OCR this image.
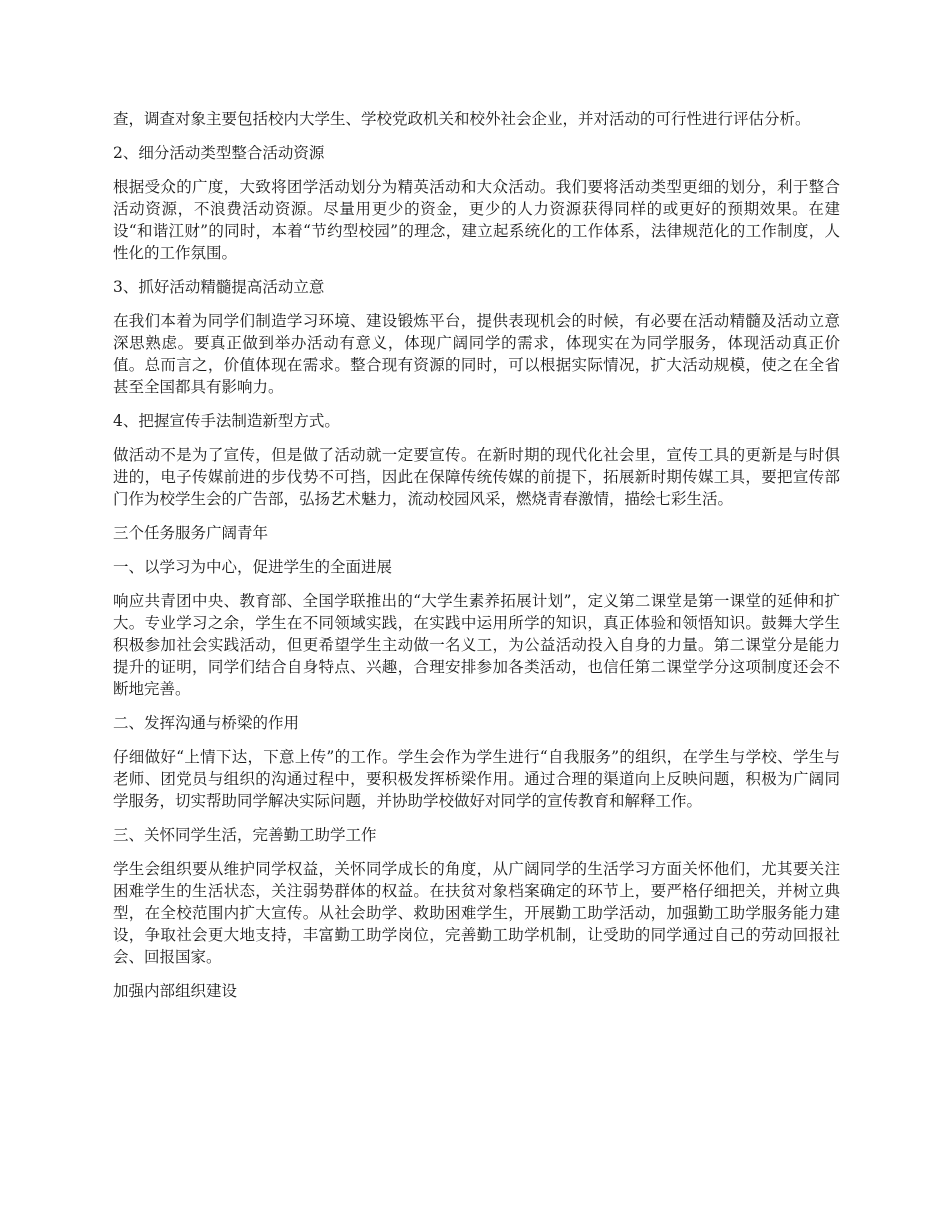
查，调查对象主要包括校内大学生、学校党政机关和校外社会企业，并对活动的可行性进行评估分析。

2、细分活动类型整合活动资源

根据受众的广度，大致将团学活动划分为精英活动和大众活动。我们要将活动类型更细的划分，利于整合活动资源，不浪费活动资源。尽量用更少的资金，更少的人力资源获得同样的或更好的预期效果。在建设“和谐江财”的同时，本着“节约型校园”的理念，建立起系统化的工作体系，法律规范化的工作制度，人性化的工作氛围。

3、抓好活动精髓提高活动立意

在我们本着为同学们制造学习环境、建设锻炼平台，提供表现机会的时候，有必要在活动精髓及活动立意深思熟虑。要真正做到举办活动有意义，体现广阔同学的需求，体现实在为同学服务，体现活动真正价值。总而言之，价值体现在需求。整合现有资源的同时，可以根据实际情况，扩大活动规模，使之在全省甚至全国都具有影响力。

4、把握宣传手法制造新型方式。

做活动不是为了宣传，但是做了活动就一定要宣传。在新时期的现代化社会里，宣传工具的更新是与时俱进的，电子传媒前进的步伐势不可挡，因此在保障传统传媒的前提下，拓展新时期传媒工具，要把宣传部门作为校学生会的广告部，弘扬艺术魅力，流动校园风采，燃烧青春激情，描绘七彩生活。

三个任务服务广阔青年

一、以学习为中心，促进学生的全面进展

响应共青团中央、教育部、全国学联推出的“大学生素养拓展计划”，定义第二课堂是第一课堂的延伸和扩大。专业学习之余，学生在不同领域实践，在实践中运用所学的知识，真正体验和领悟知识。鼓舞大学生积极参加社会实践活动，但更希望学生主动做一名义工，为公益活动投入自身的力量。第二课堂分是能力提升的证明，同学们结合自身特点、兴趣，合理安排参加各类活动，也信任第二课堂学分这项制度还会不断地完善。

二、发挥沟通与桥梁的作用

仔细做好“上情下达，下意上传”的工作。学生会作为学生进行“自我服务”的组织，在学生与学校、学生与老师、团党员与组织的沟通过程中，要积极发挥桥梁作用。通过合理的渠道向上反映问题，积极为广阔同学服务，切实帮助同学解决实际问题，并协助学校做好对同学的宣传教育和解释工作。

三、关怀同学生活，完善勤工助学工作

学生会组织要从维护同学权益，关怀同学成长的角度，从广阔同学的生活学习方面关怀他们，尤其要关注困难学生的生活状态，关注弱势群体的权益。在扶贫对象档案确定的环节上，要严格仔细把关，并树立典型，在全校范围内扩大宣传。从社会助学、救助困难学生，开展勤工助学活动，加强勤工助学服务能力建设，争取社会更大地支持，丰富勤工助学岗位，完善勤工助学机制，让受助的同学通过自己的劳动回报社会、回报国家。

加强内部组织建设
